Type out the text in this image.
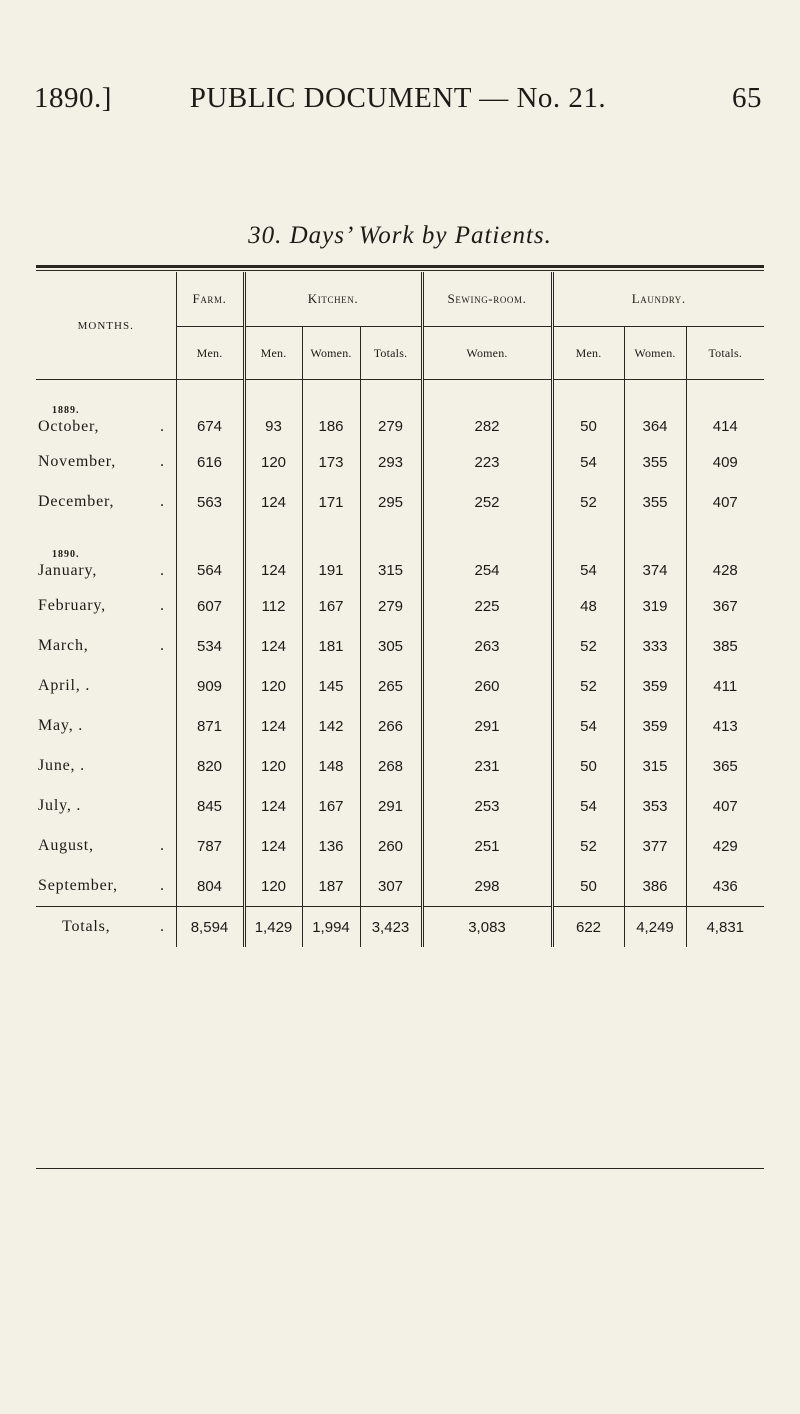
1890.]	PUBLIC DOCUMENT — No. 21.	65
30. Days’ Work by Patients.
MONTHS.	Farm.	Kitchen.			Sewing-room.	Laundry.		
	Men.	Men.	Women.	Totals.	Women.	Men.	Women.	Totals.
1889.								
October, .	674	93	186	279	282	50	364	414
November, .	616	120	173	293	223	54	355	409
December, .	563	124	171	295	252	52	355	407
1890.								
January, .	564	124	191	315	254	54	374	428
February, .	607	112	167	279	225	48	319	367
March, .	534	124	181	305	263	52	333	385
April, .	909	120	145	265	260	52	359	411
May, .	871	124	142	266	291	54	359	413
June, .	820	120	148	268	231	50	315	365
July, .	845	124	167	291	253	54	353	407
August, .	787	124	136	260	251	52	377	429
September, .	804	120	187	307	298	50	386	436
Totals, .	8,594	1,429	1,994	3,423	3,083	622	4,249	4,831
